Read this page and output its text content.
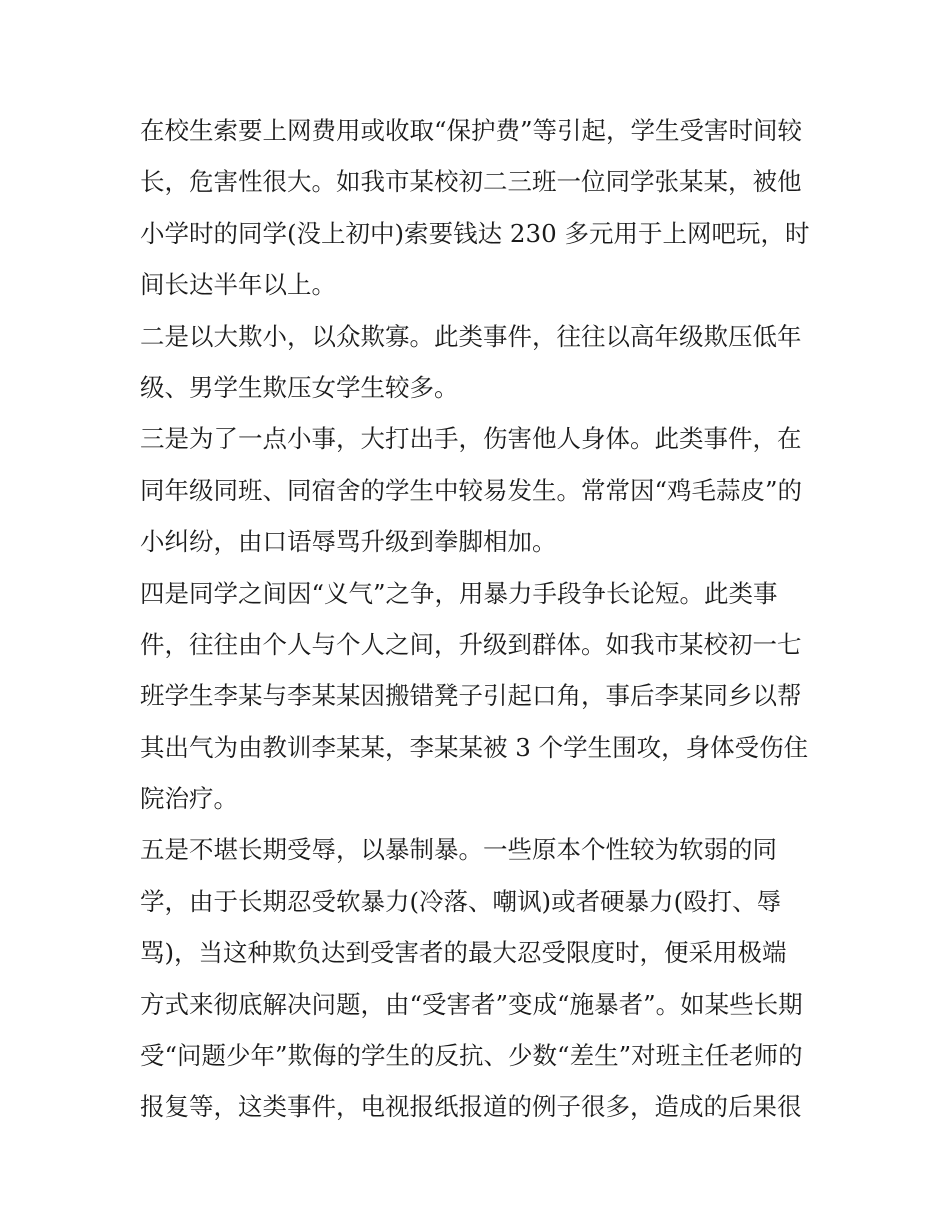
在校生索要上网费用或收取“保护费”等引起，学生受害时间较
长，危害性很大。如我市某校初二三班一位同学张某某，被他
小学时的同学(没上初中)索要钱达 230 多元用于上网吧玩，时
间长达半年以上。
二是以大欺小，以众欺寡。此类事件，往往以高年级欺压低年
级、男学生欺压女学生较多。
三是为了一点小事，大打出手，伤害他人身体。此类事件，在
同年级同班、同宿舍的学生中较易发生。常常因“鸡毛蒜皮”的
小纠纷，由口语辱骂升级到拳脚相加。
四是同学之间因“义气”之争，用暴力手段争长论短。此类事
件，往往由个人与个人之间，升级到群体。如我市某校初一七
班学生李某与李某某因搬错凳子引起口角，事后李某同乡以帮
其出气为由教训李某某，李某某被 3 个学生围攻，身体受伤住
院治疗。
五是不堪长期受辱，以暴制暴。一些原本个性较为软弱的同
学，由于长期忍受软暴力(冷落、嘲讽)或者硬暴力(殴打、辱
骂)，当这种欺负达到受害者的最大忍受限度时，便采用极端
方式来彻底解决问题，由“受害者”变成“施暴者”。如某些长期
受“问题少年”欺侮的学生的反抗、少数“差生”对班主任老师的
报复等，这类事件，电视报纸报道的例子很多，造成的后果很
